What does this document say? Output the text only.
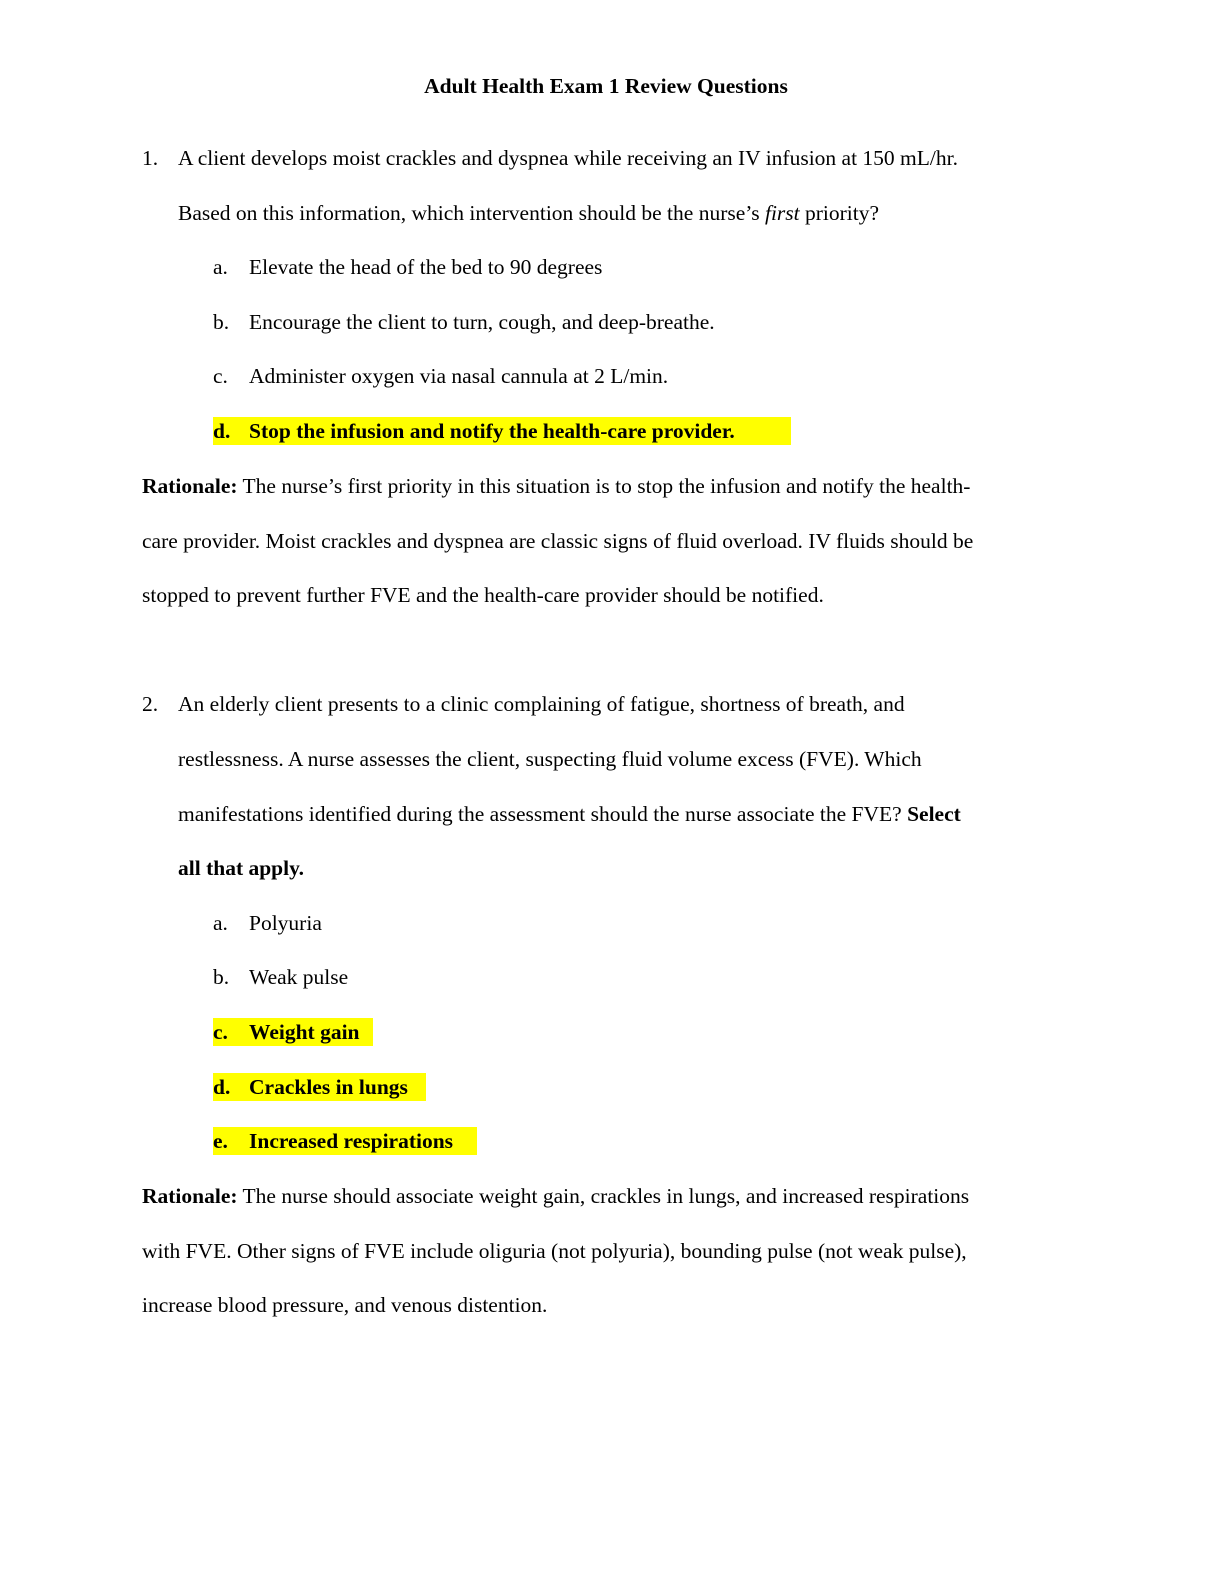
Adult Health Exam 1 Review Questions
1. A client develops moist crackles and dyspnea while receiving an IV infusion at 150 mL/hr.
Based on this information, which intervention should be the nurse’s first priority?
a. Elevate the head of the bed to 90 degrees
b. Encourage the client to turn, cough, and deep-breathe.
c. Administer oxygen via nasal cannula at 2 L/min.
d. Stop the infusion and notify the health-care provider.
Rationale: The nurse’s first priority in this situation is to stop the infusion and notify the health-
care provider. Moist crackles and dyspnea are classic signs of fluid overload. IV fluids should be
stopped to prevent further FVE and the health-care provider should be notified.
2. An elderly client presents to a clinic complaining of fatigue, shortness of breath, and
restlessness. A nurse assesses the client, suspecting fluid volume excess (FVE). Which
manifestations identified during the assessment should the nurse associate the FVE? Select
all that apply.
a. Polyuria
b. Weak pulse
c. Weight gain
d. Crackles in lungs
e. Increased respirations
Rationale: The nurse should associate weight gain, crackles in lungs, and increased respirations
with FVE. Other signs of FVE include oliguria (not polyuria), bounding pulse (not weak pulse),
increase blood pressure, and venous distention.
